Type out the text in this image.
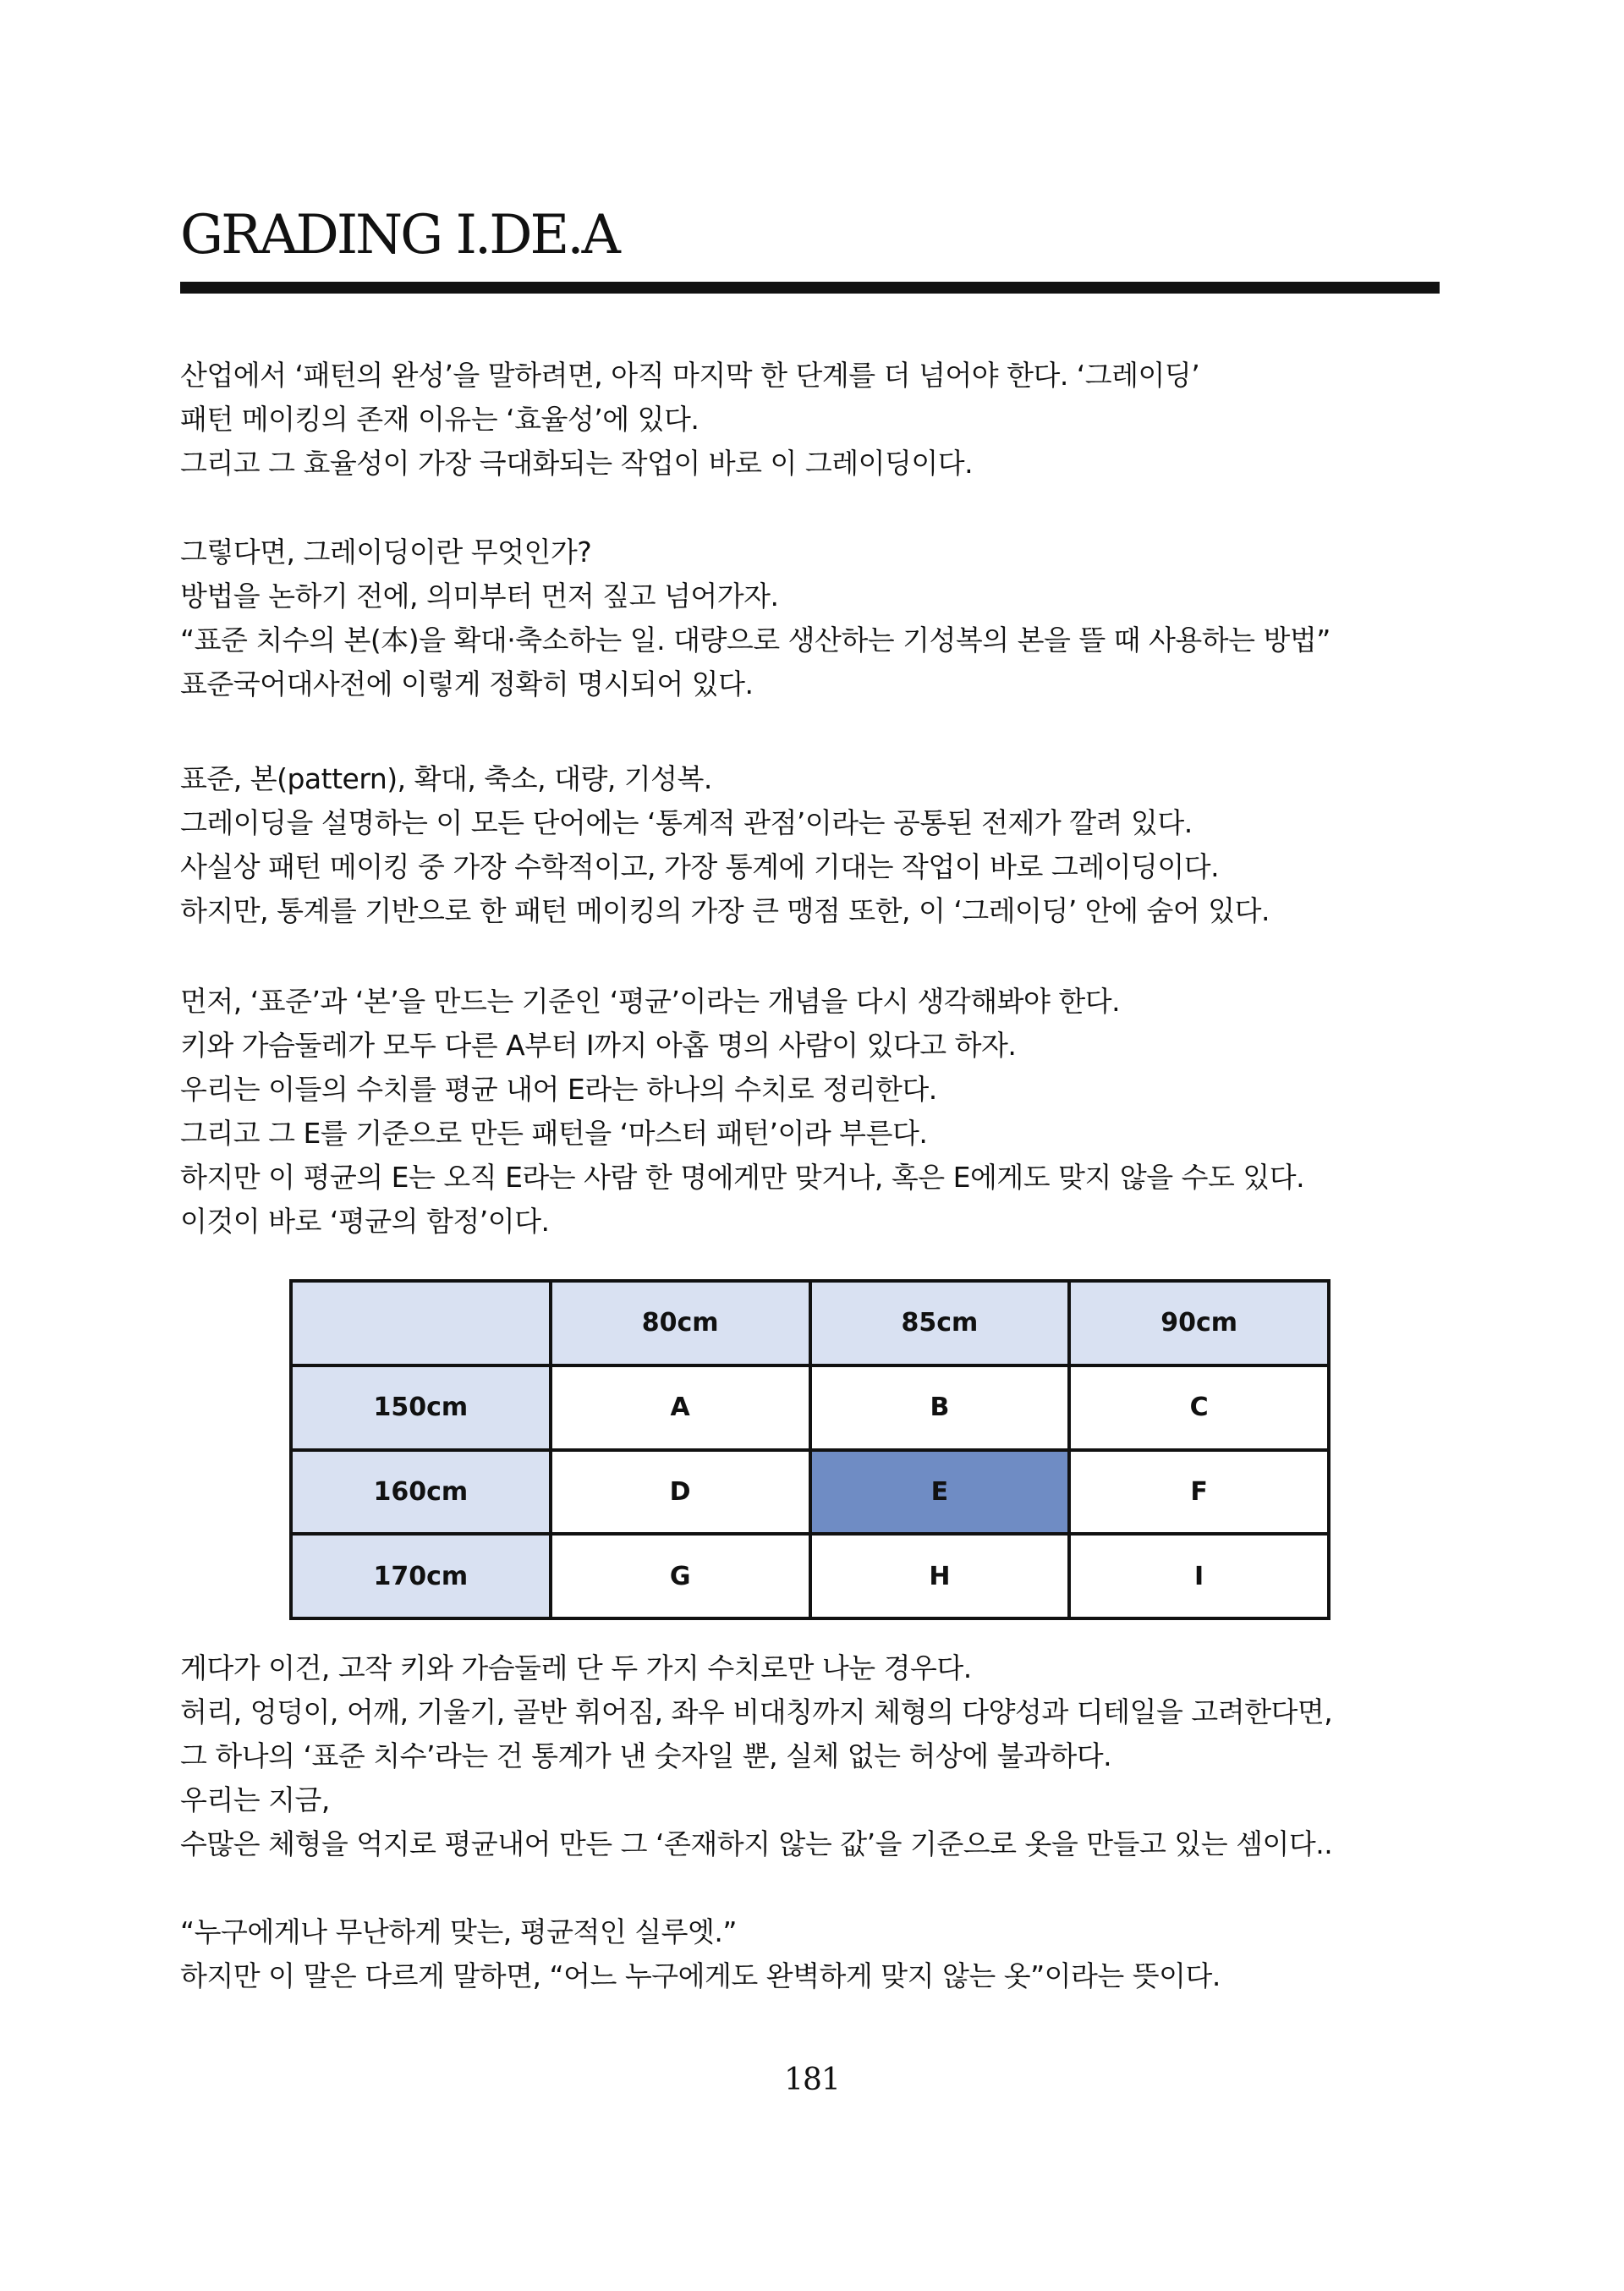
GRADING I.DE.A
산업에서 ‘패턴의 완성’을 말하려면, 아직 마지막 한 단계를 더 넘어야 한다. ‘그레이딩’
패턴 메이킹의 존재 이유는 ‘효율성’에 있다.
그리고 그 효율성이 가장 극대화되는 작업이 바로 이 그레이딩이다.
그렇다면, 그레이딩이란 무엇인가?
방법을 논하기 전에, 의미부터 먼저 짚고 넘어가자.
“표준 치수의 본(本)을 확대·축소하는 일. 대량으로 생산하는 기성복의 본을 뜰 때 사용하는 방법”
표준국어대사전에 이렇게 정확히 명시되어 있다.
표준, 본(pattern), 확대, 축소, 대량, 기성복.
그레이딩을 설명하는 이 모든 단어에는 ‘통계적 관점’이라는 공통된 전제가 깔려 있다.
사실상 패턴 메이킹 중 가장 수학적이고, 가장 통계에 기대는 작업이 바로 그레이딩이다.
하지만, 통계를 기반으로 한 패턴 메이킹의 가장 큰 맹점 또한, 이 ‘그레이딩’ 안에 숨어 있다.
먼저, ‘표준’과 ‘본’을 만드는 기준인 ‘평균’이라는 개념을 다시 생각해봐야 한다.
키와 가슴둘레가 모두 다른 A부터 I까지 아홉 명의 사람이 있다고 하자.
우리는 이들의 수치를 평균 내어 E라는 하나의 수치로 정리한다.
그리고 그 E를 기준으로 만든 패턴을 ‘마스터 패턴’이라 부른다.
하지만 이 평균의 E는 오직 E라는 사람 한 명에게만 맞거나, 혹은 E에게도 맞지 않을 수도 있다.
이것이 바로 ‘평균의 함정’이다.
	80cm	85cm	90cm
150cm	A	B	C
160cm	D	E	F
170cm	G	H	I
게다가 이건, 고작 키와 가슴둘레 단 두 가지 수치로만 나눈 경우다.
허리, 엉덩이, 어깨, 기울기, 골반 휘어짐, 좌우 비대칭까지 체형의 다양성과 디테일을 고려한다면,
그 하나의 ‘표준 치수’라는 건 통계가 낸 숫자일 뿐, 실체 없는 허상에 불과하다.
우리는 지금,
수많은 체형을 억지로 평균내어 만든 그 ‘존재하지 않는 값’을 기준으로 옷을 만들고 있는 셈이다..
“누구에게나 무난하게 맞는, 평균적인 실루엣.”
하지만 이 말은 다르게 말하면, “어느 누구에게도 완벽하게 맞지 않는 옷”이라는 뜻이다.
181
